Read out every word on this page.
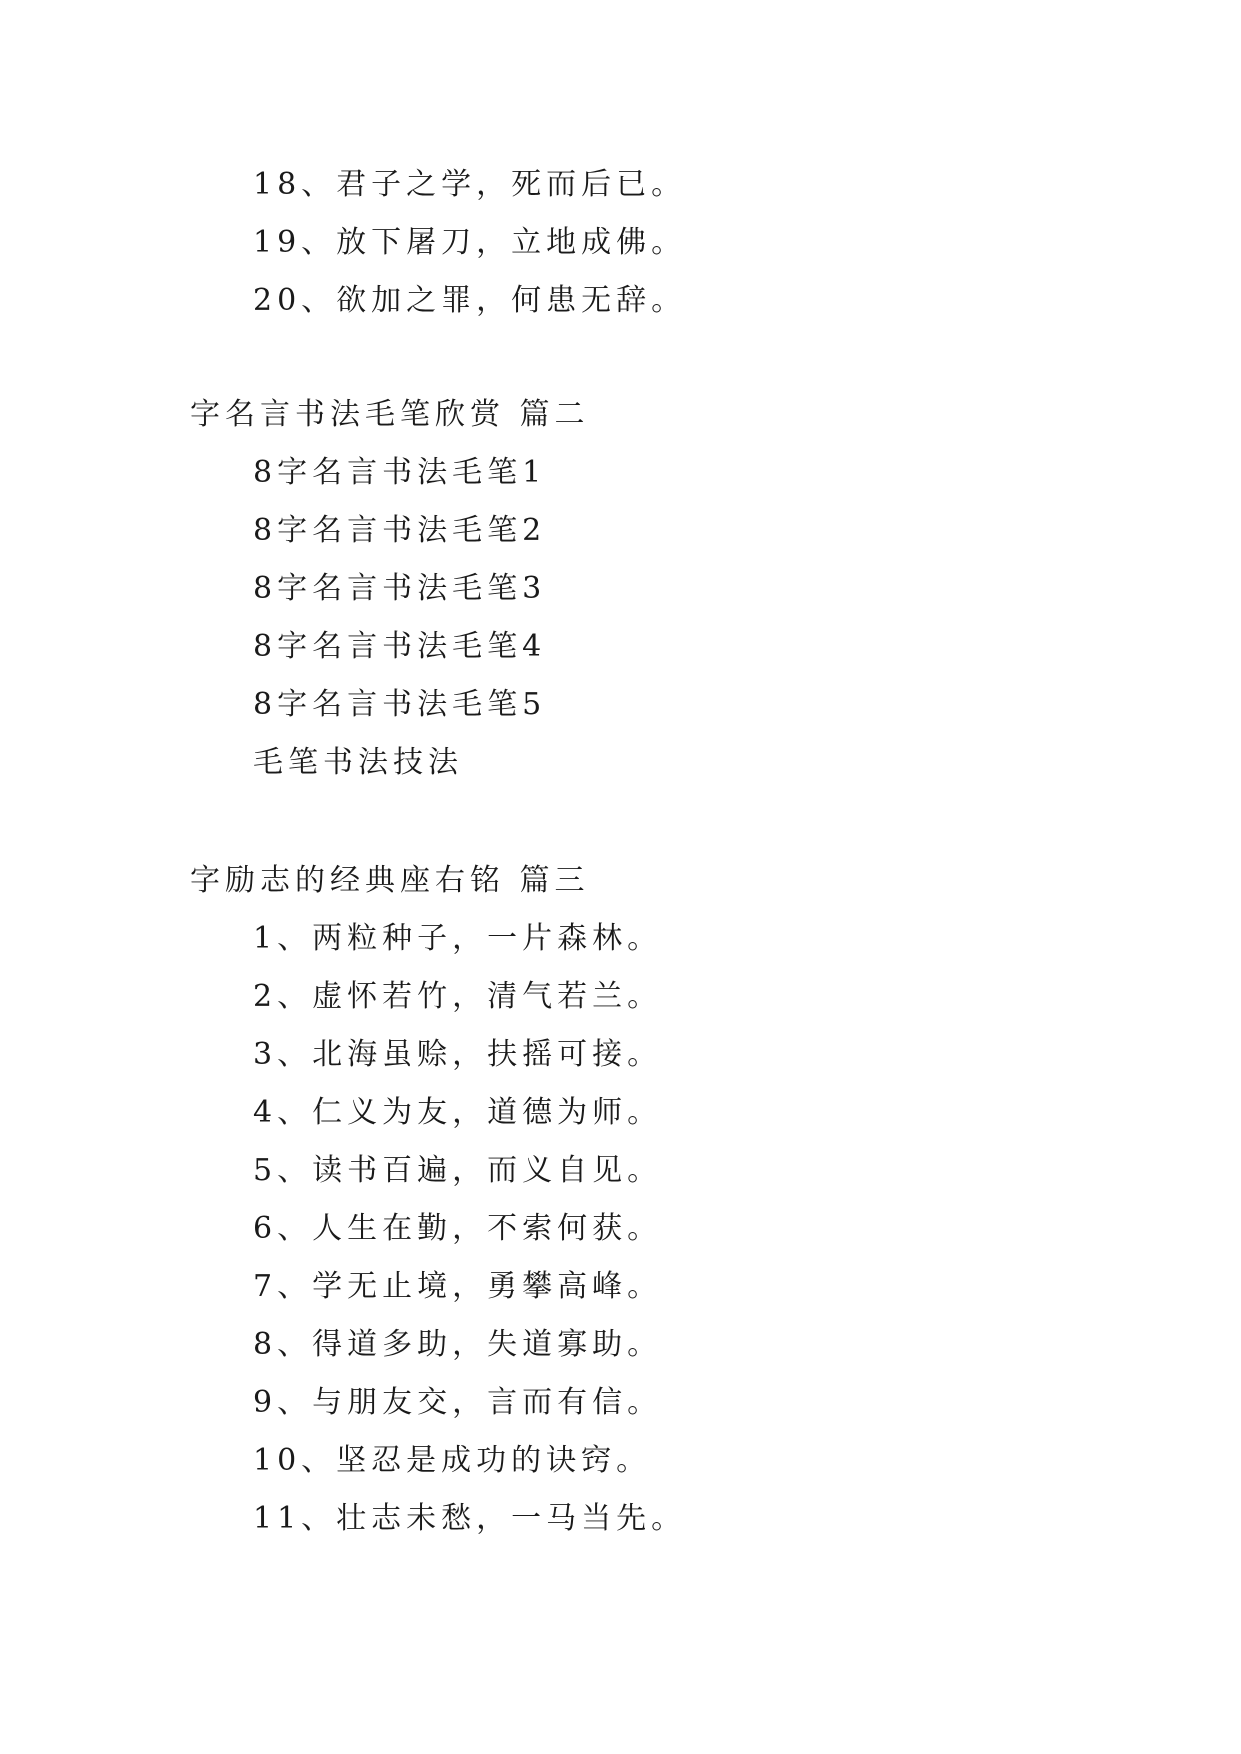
18、君子之学，死而后已。
19、放下屠刀，立地成佛。
20、欲加之罪，何患无辞。
字名言书法毛笔欣赏 篇二
8字名言书法毛笔1
8字名言书法毛笔2
8字名言书法毛笔3
8字名言书法毛笔4
8字名言书法毛笔5
毛笔书法技法
字励志的经典座右铭 篇三
1、两粒种子，一片森林。
2、虚怀若竹，清气若兰。
3、北海虽赊，扶摇可接。
4、仁义为友，道德为师。
5、读书百遍，而义自见。
6、人生在勤，不索何获。
7、学无止境，勇攀高峰。
8、得道多助，失道寡助。
9、与朋友交，言而有信。
10、坚忍是成功的诀窍。
11、壮志未愁，一马当先。
